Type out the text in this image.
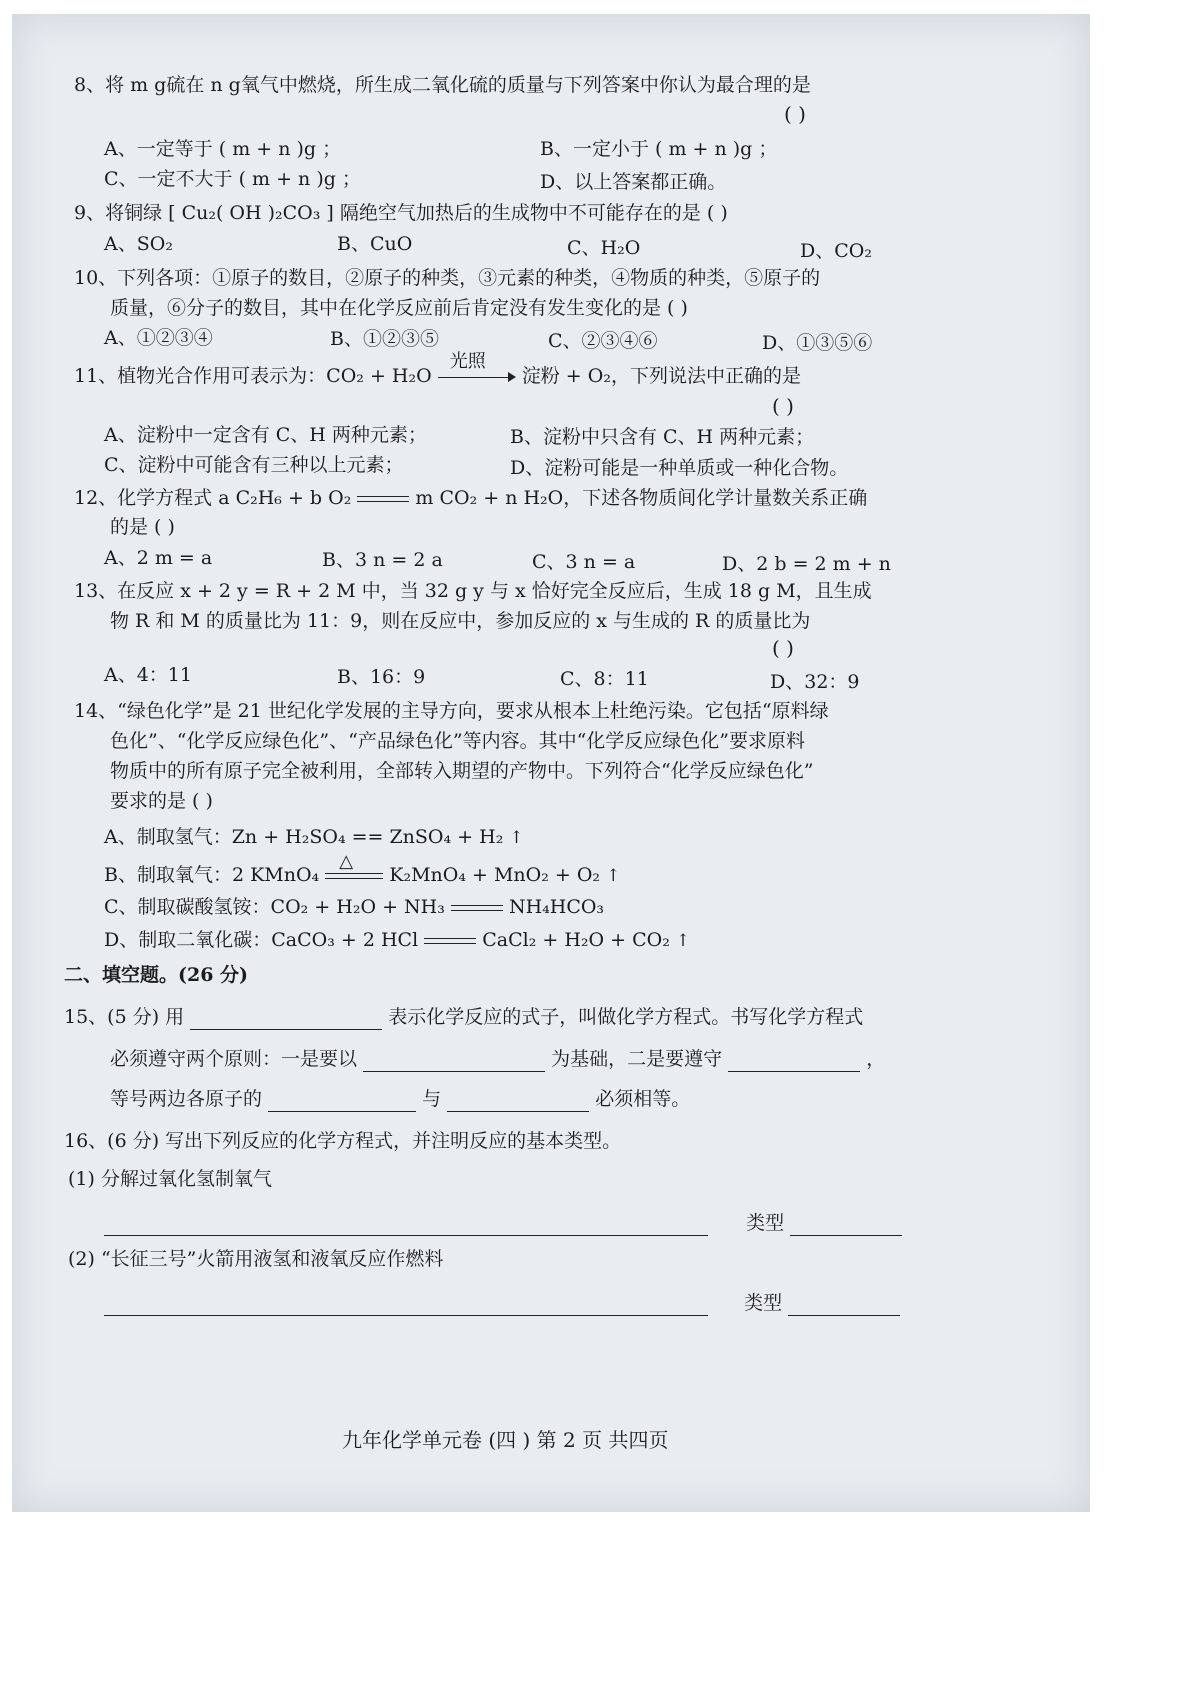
8、将 m g硫在 n g氧气中燃烧，所生成二氧化硫的质量与下列答案中你认为最合理的是
( )
A、一定等于 ( m + n )g ；	B、一定小于 ( m + n )g ；
C、一定不大于 ( m + n )g ；	D、以上答案都正确。
9、将铜绿 [ Cu₂( OH )₂CO₃ ] 隔绝空气加热后的生成物中不可能存在的是 ( )
A、SO₂	B、CuO	C、H₂O	D、CO₂
10、下列各项：①原子的数目，②原子的种类，③元素的种类，④物质的种类，⑤原子的
质量，⑥分子的数目，其中在化学反应前后肯定没有发生变化的是 ( )
A、①②③④	B、①②③⑤	C、②③④⑥	D、①③⑤⑥
11、植物光合作用可表示为：CO₂ + H₂O
光照
淀粉 + O₂，下列说法中正确的是
( )
A、淀粉中一定含有 C、H 两种元素；	B、淀粉中只含有 C、H 两种元素；
C、淀粉中可能含有三种以上元素；	D、淀粉可能是一种单质或一种化合物。
12、化学方程式 a C₂H₆ + b O₂	m CO₂ + n H₂O，下述各物质间化学计量数关系正确
的是 ( )
A、2 m = a	B、3 n = 2 a	C、3 n = a	D、2 b = 2 m + n
13、在反应 x + 2 y = R + 2 M 中，当 32 g y 与 x 恰好完全反应后，生成 18 g M，且生成
物 R 和 M 的质量比为 11：9，则在反应中，参加反应的 x 与生成的 R 的质量比为
( )
A、4：11	B、16：9	C、8：11	D、32：9
14、“绿色化学”是 21 世纪化学发展的主导方向，要求从根本上杜绝污染。它包括“原料绿
色化”、“化学反应绿色化”、“产品绿色化”等内容。其中“化学反应绿色化”要求原料
物质中的所有原子完全被利用，全部转入期望的产物中。下列符合“化学反应绿色化”
要求的是 ( )
A、制取氢气：Zn + H₂SO₄ == ZnSO₄ + H₂ ↑
B、制取氧气：2 KMnO₄
△
K₂MnO₄ + MnO₂ + O₂ ↑
C、制取碳酸氢铵：CO₂ + H₂O + NH₃	NH₄HCO₃
D、制取二氧化碳：CaCO₃ + 2 HCl	CaCl₂ + H₂O + CO₂ ↑
二、填空题。(26 分)
15、(5 分) 用	表示化学反应的式子，叫做化学方程式。书写化学方程式
必须遵守两个原则：一是要以	为基础，二是要遵守	，
等号两边各原子的	与	必须相等。
16、(6 分) 写出下列反应的化学方程式，并注明反应的基本类型。
(1) 分解过氧化氢制氧气
类型
(2) “长征三号”火箭用液氢和液氧反应作燃料
类型
九年化学单元卷 (四 ) 第 2 页 共四页
